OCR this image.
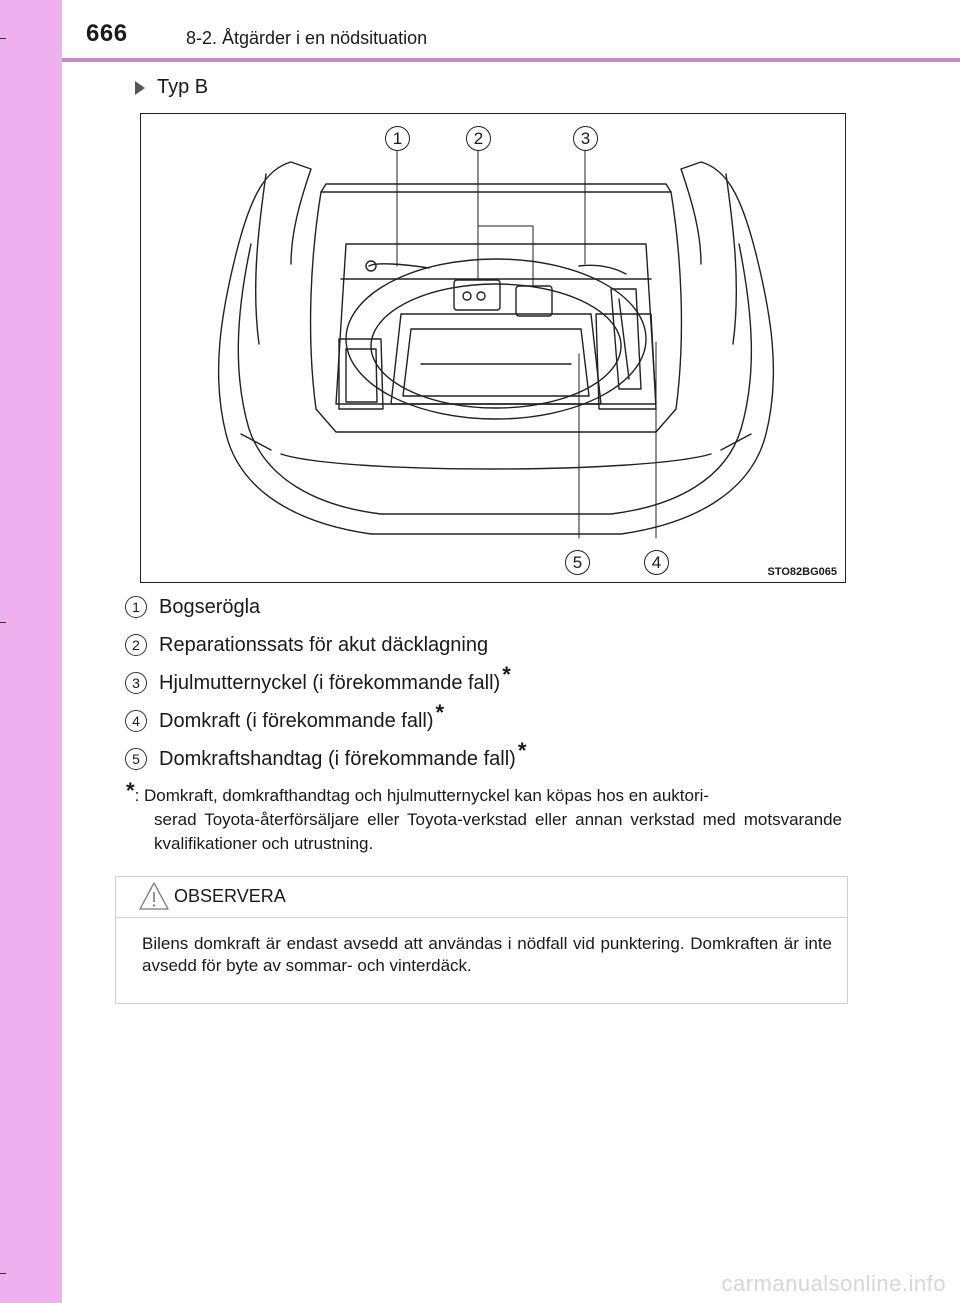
666	8-2. Åtgärder i en nödsituation
Typ B
1	2	3
4
5
STO82BG065
1 Bogserögla
2 Reparationssats för akut däcklagning
3 Hjulmutternyckel (i förekommande fall) *
4 Domkraft (i förekommande fall) *
5 Domkraftshandtag (i förekommande fall) *
*: Domkraft, domkrafthandtag och hjulmutternyckel kan köpas hos en auktori-
serad Toyota-återförsäljare eller Toyota-verkstad eller annan verkstad med motsvarande kvalifikationer och utrustning.
OBSERVERA
Bilens domkraft är endast avsedd att användas i nödfall vid punktering. Domkraften är inte avsedd för byte av sommar- och vinterdäck.
carmanualsonline.info
